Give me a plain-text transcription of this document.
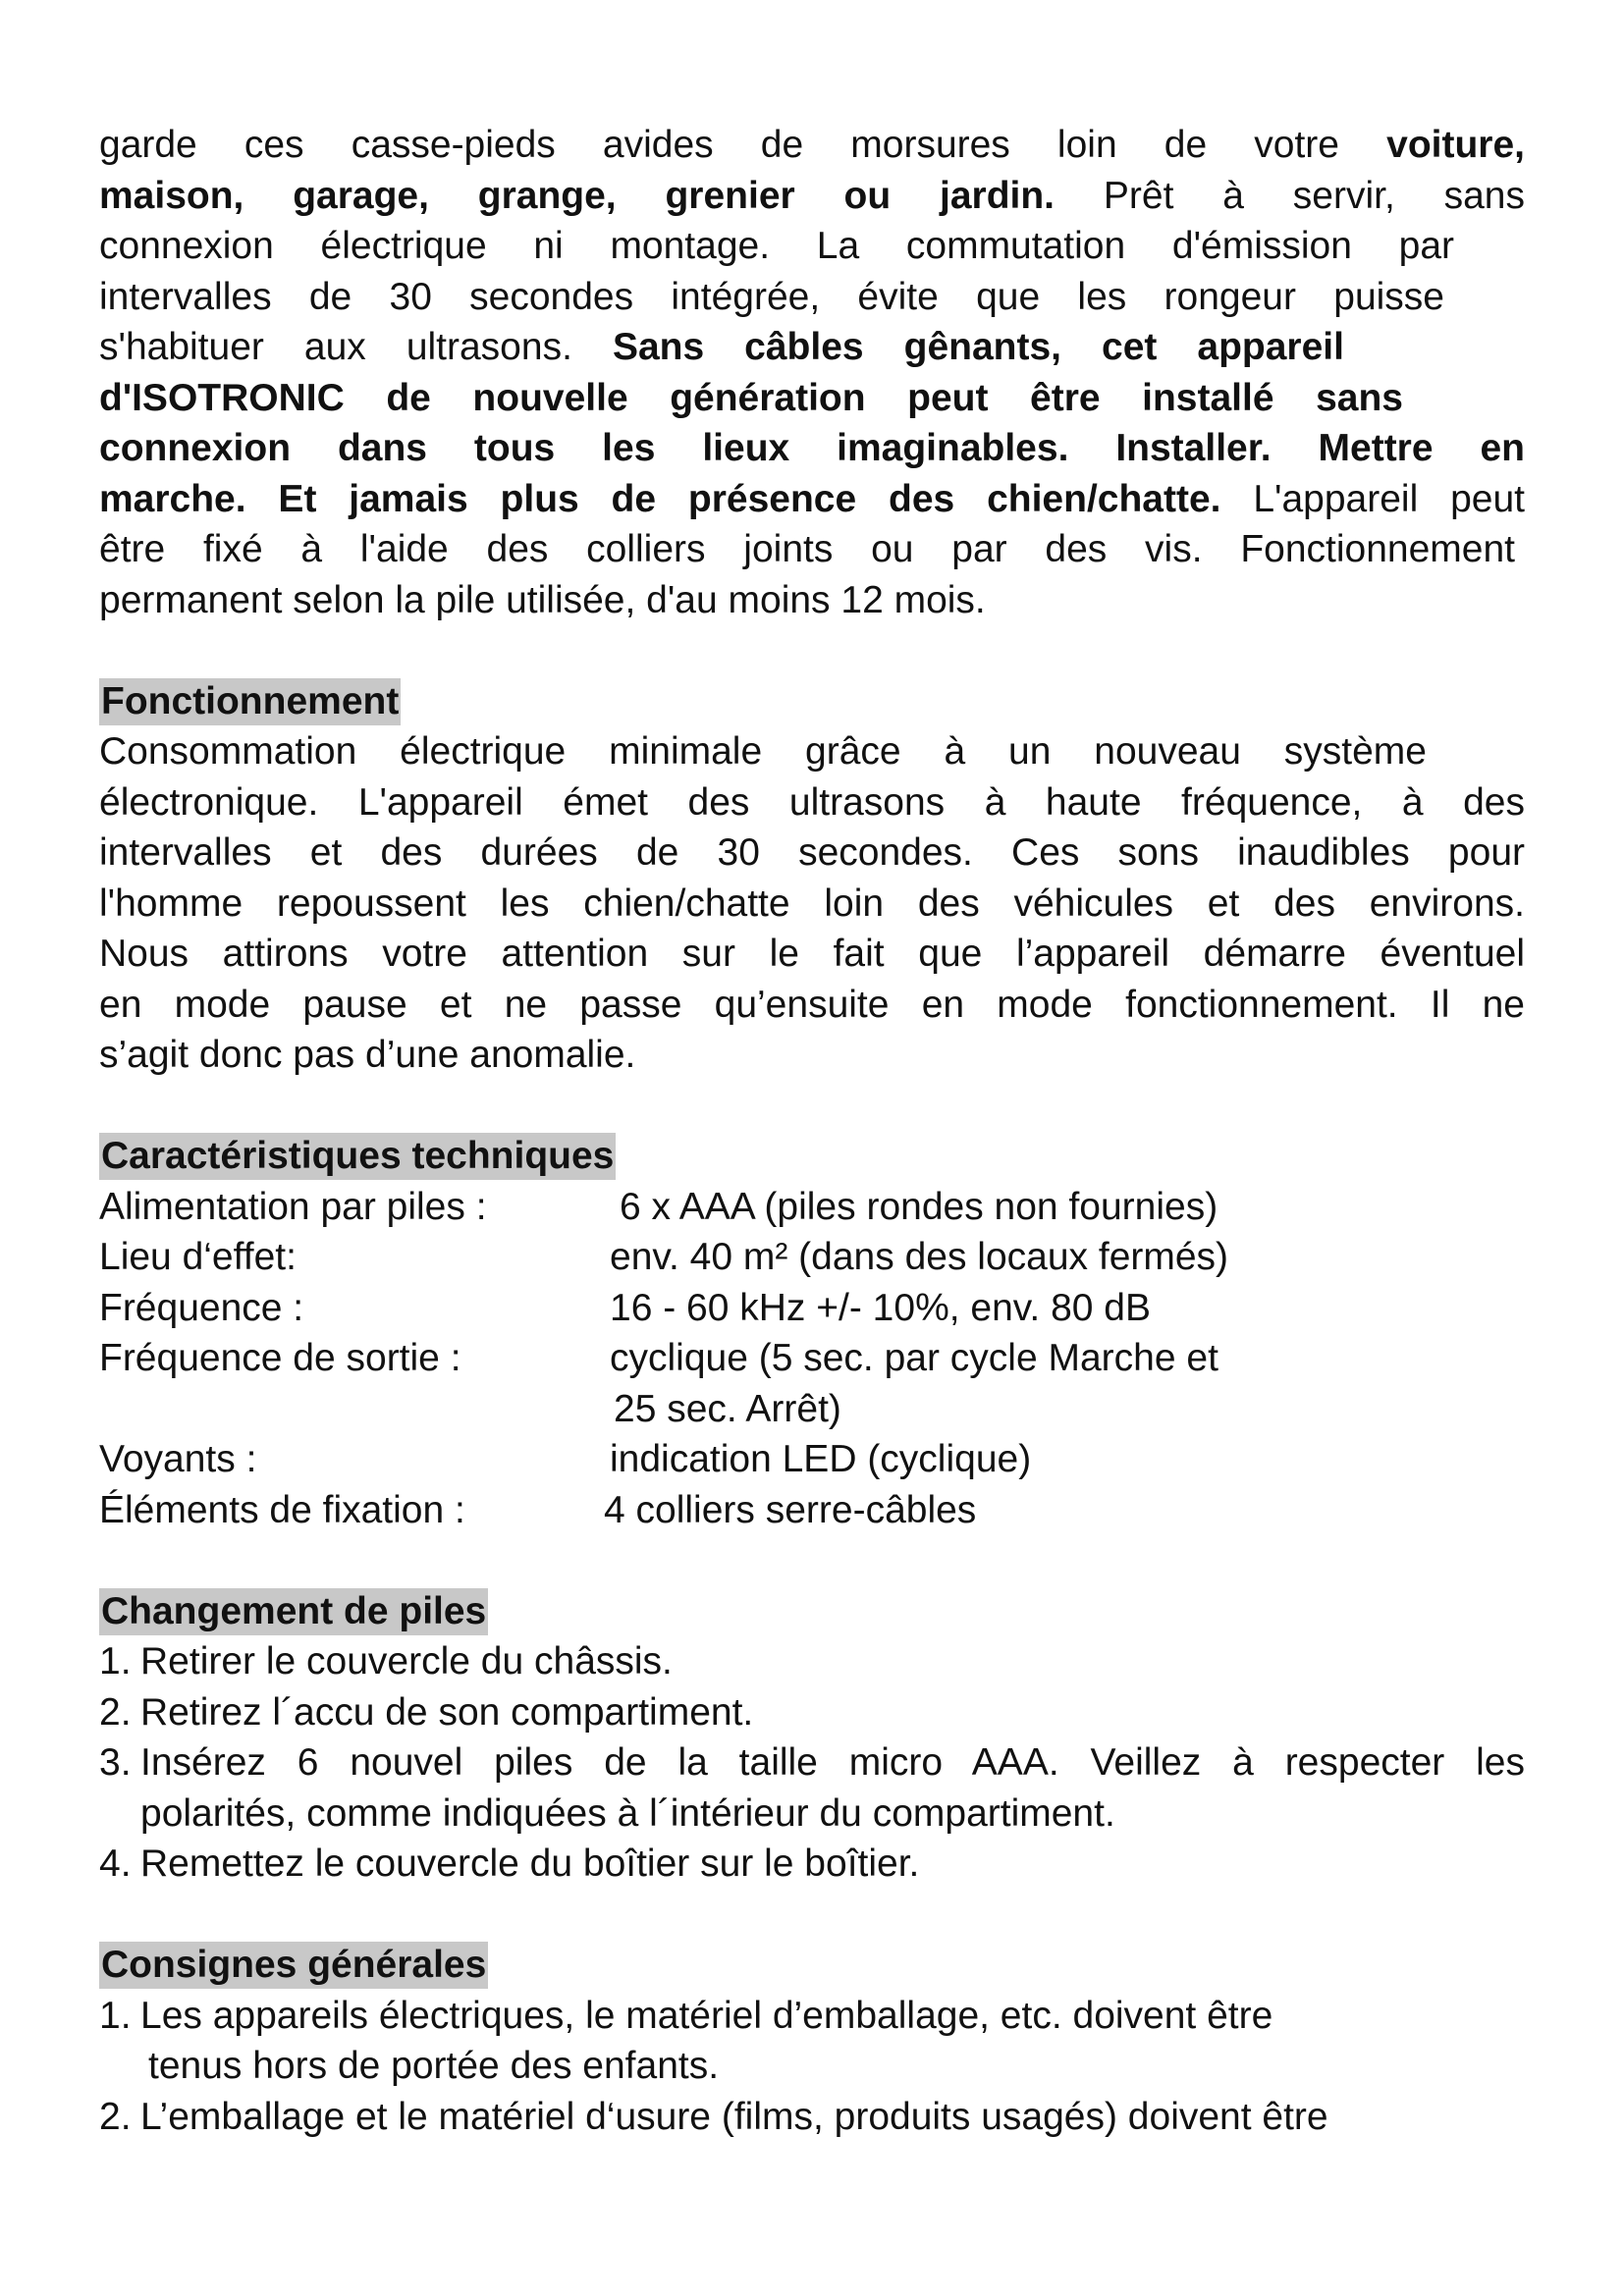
garde ces casse-pieds avides de morsures loin de votre voiture,
maison, garage, grange, grenier ou jardin. Prêt à servir, sans
connexion électrique ni montage. La commutation d'émission par
intervalles de 30 secondes intégrée, évite que les rongeur puisse
s'habituer aux ultrasons. Sans câbles gênants, cet appareil
d'ISOTRONIC de nouvelle génération peut être installé sans
connexion dans tous les lieux imaginables. Installer. Mettre en
marche. Et jamais plus de présence des chien/chatte. L'appareil peut
être fixé à l'aide des colliers joints ou par des vis. Fonctionnement
permanent selon la pile utilisée, d'au moins 12 mois.
Fonctionnement
Consommation électrique minimale grâce à un nouveau système
électronique. L'appareil émet des ultrasons à haute fréquence, à des
intervalles et des durées de 30 secondes. Ces sons inaudibles pour
l'homme repoussent les chien/chatte loin des véhicules et des environs.
Nous attirons votre attention sur le fait que l’appareil démarre éventuel
en mode pause et ne passe qu’ensuite en mode fonctionnement. Il ne
s’agit donc pas d’une anomalie.
Caractéristiques techniques
Alimentation par piles :	6 x AAA (piles rondes non fournies)
Lieu d‘effet:	env. 40 m² (dans des locaux fermés)
Fréquence :	16 - 60 kHz +/- 10%, env. 80 dB
Fréquence de sortie :	cyclique (5 sec. par cycle Marche et
25 sec. Arrêt)
Voyants :	indication LED (cyclique)
Éléments de fixation :	4 colliers serre-câbles
Changement de piles
1. Retirer le couvercle du châssis.
2. Retirez l´accu de son compartiment.
3. Insérez 6 nouvel piles de la taille micro AAA. Veillez à respecter les
polarités, comme indiquées à l´intérieur du compartiment.
4. Remettez le couvercle du boîtier sur le boîtier.
Consignes générales
1. Les appareils électriques, le matériel d’emballage, etc. doivent être
tenus hors de portée des enfants.
2. L’emballage et le matériel d‘usure (films, produits usagés) doivent être
